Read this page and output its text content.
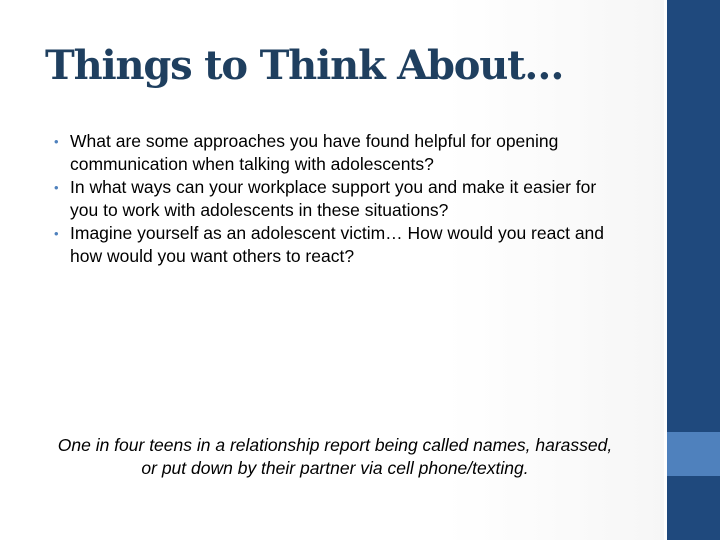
Things to Think About…
• What are some approaches you have found helpful for opening communication when talking with adolescents?
• In what ways can your workplace support you and make it easier for you to work with adolescents in these situations?
• Imagine yourself as an adolescent victim… How would you react and how would you want others to react?

One in four teens in a relationship report being called names, harassed, or put down by their partner via cell phone/texting.
